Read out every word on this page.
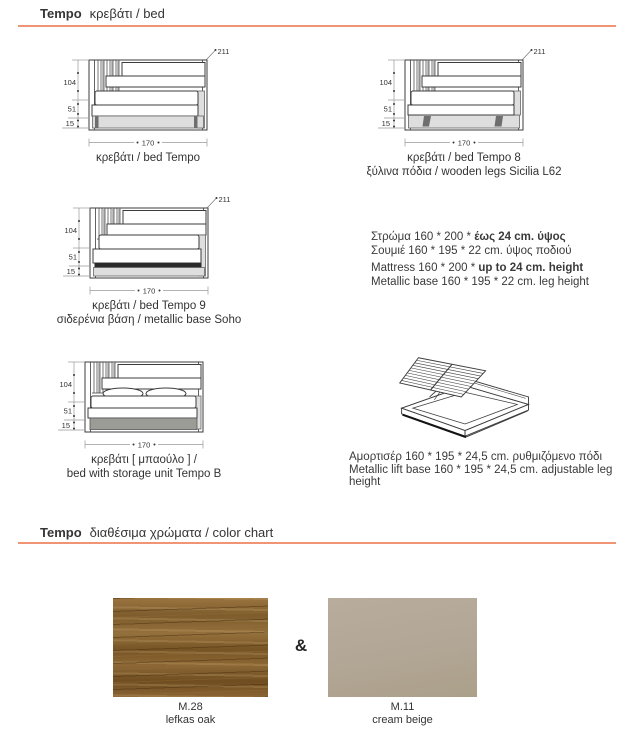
Tempo κρεβάτι / bed
104
51
15
211
170
κρεβάτι / bed Tempo
104
51
15
211
170
κρεβάτι / bed Tempo 8
ξύλινα πόδια / wooden legs Sicilia L62
104
51
15
211
170
κρεβάτι / bed Tempo 9
σιδερένια βάση / metallic base Soho
Στρώμα 160 * 200 * έως 24 cm. ύψος
Σουμιέ 160 * 195 * 22 cm. ύψος ποδιού
Mattress 160 * 200 * up to 24 cm. height
Metallic base 160 * 195 * 22 cm. leg height
104
51
15
170
κρεβάτι [ μπαούλο ] /
bed with storage unit Tempo B
Αμορτισέρ 160 * 195 * 24,5 cm. ρυθμιζόμενο πόδι
Metallic lift base 160 * 195 * 24,5 cm. adjustable leg
height
Tempo διαθέσιμα χρώματα / color chart
&
M.28
lefkas oak
M.11
cream beige
